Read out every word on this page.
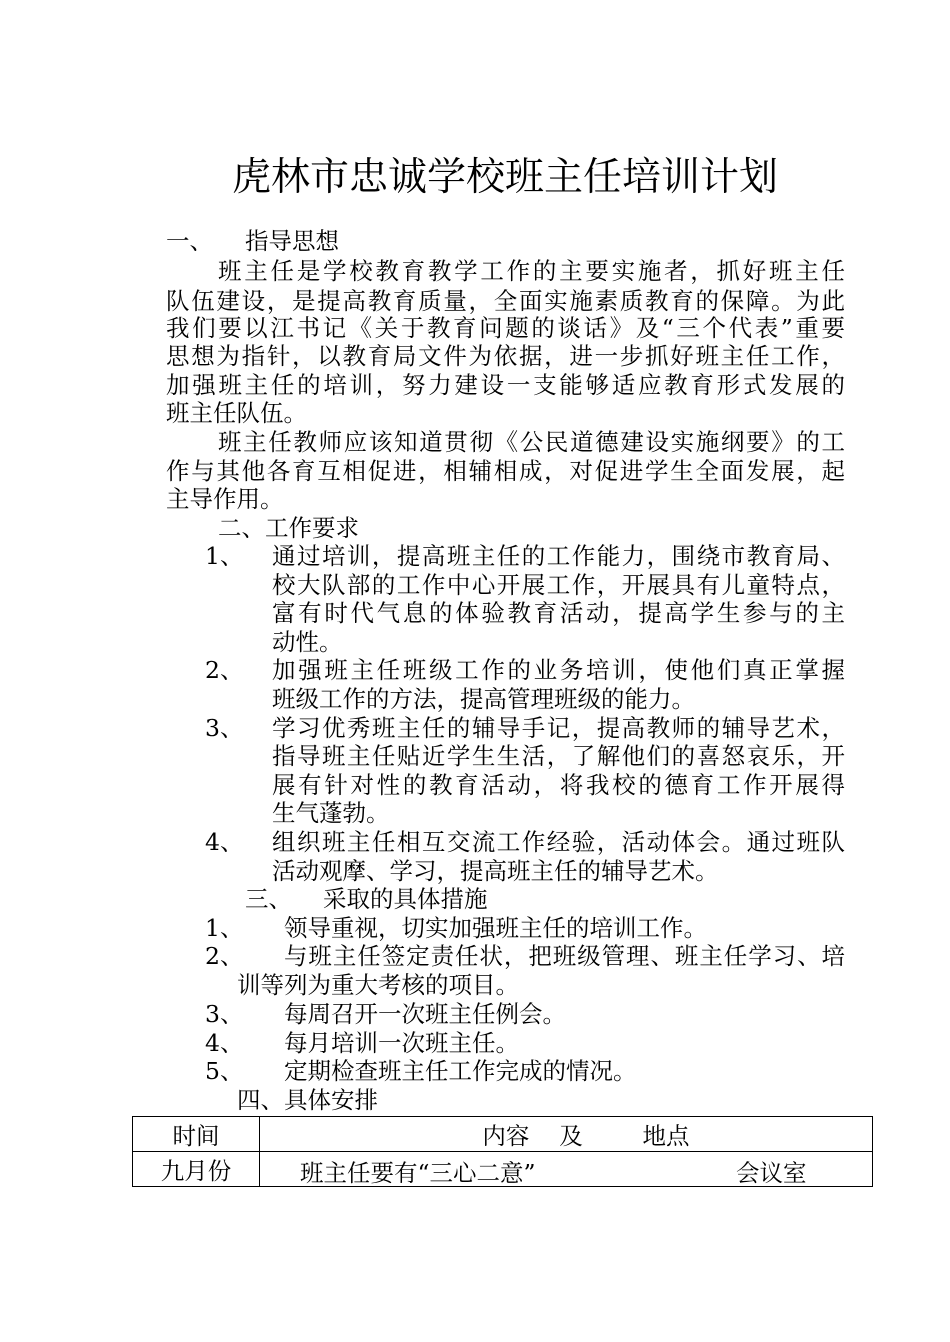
虎林市忠诚学校班主任培训计划
一、 指导思想
班主任是学校教育教学工作的主要实施者，抓好班主任
队伍建设，是提高教育质量，全面实施素质教育的保障。为此
我们要以江书记《关于教育问题的谈话》及“三个代表”重要
思想为指针，以教育局文件为依据，进一步抓好班主任工作，
加强班主任的培训，努力建设一支能够适应教育形式发展的
班主任队伍。
班主任教师应该知道贯彻《公民道德建设实施纲要》的工
作与其他各育互相促进，相辅相成，对促进学生全面发展，起
主导作用。
二、工作要求
1、 通过培训，提高班主任的工作能力，围绕市教育局、
校大队部的工作中心开展工作，开展具有儿童特点，
富有时代气息的体验教育活动，提高学生参与的主
动性。
2、 加强班主任班级工作的业务培训，使他们真正掌握
班级工作的方法，提高管理班级的能力。
3、 学习优秀班主任的辅导手记，提高教师的辅导艺术，
指导班主任贴近学生生活，了解他们的喜怒哀乐，开
展有针对性的教育活动，将我校的德育工作开展得
生气蓬勃。
4、 组织班主任相互交流工作经验，活动体会。通过班队
活动观摩、学习，提高班主任的辅导艺术。
三、 采取的具体措施
1、 领导重视，切实加强班主任的培训工作。
2、 与班主任签定责任状，把班级管理、班主任学习、培
训等列为重大考核的项目。
3、 每周召开一次班主任例会。
4、 每月培训一次班主任。
5、 定期检查班主任工作完成的情况。
四、具体安排
时间	内容    及        地点
九月份	班主任要有“三心二意” 会议室
